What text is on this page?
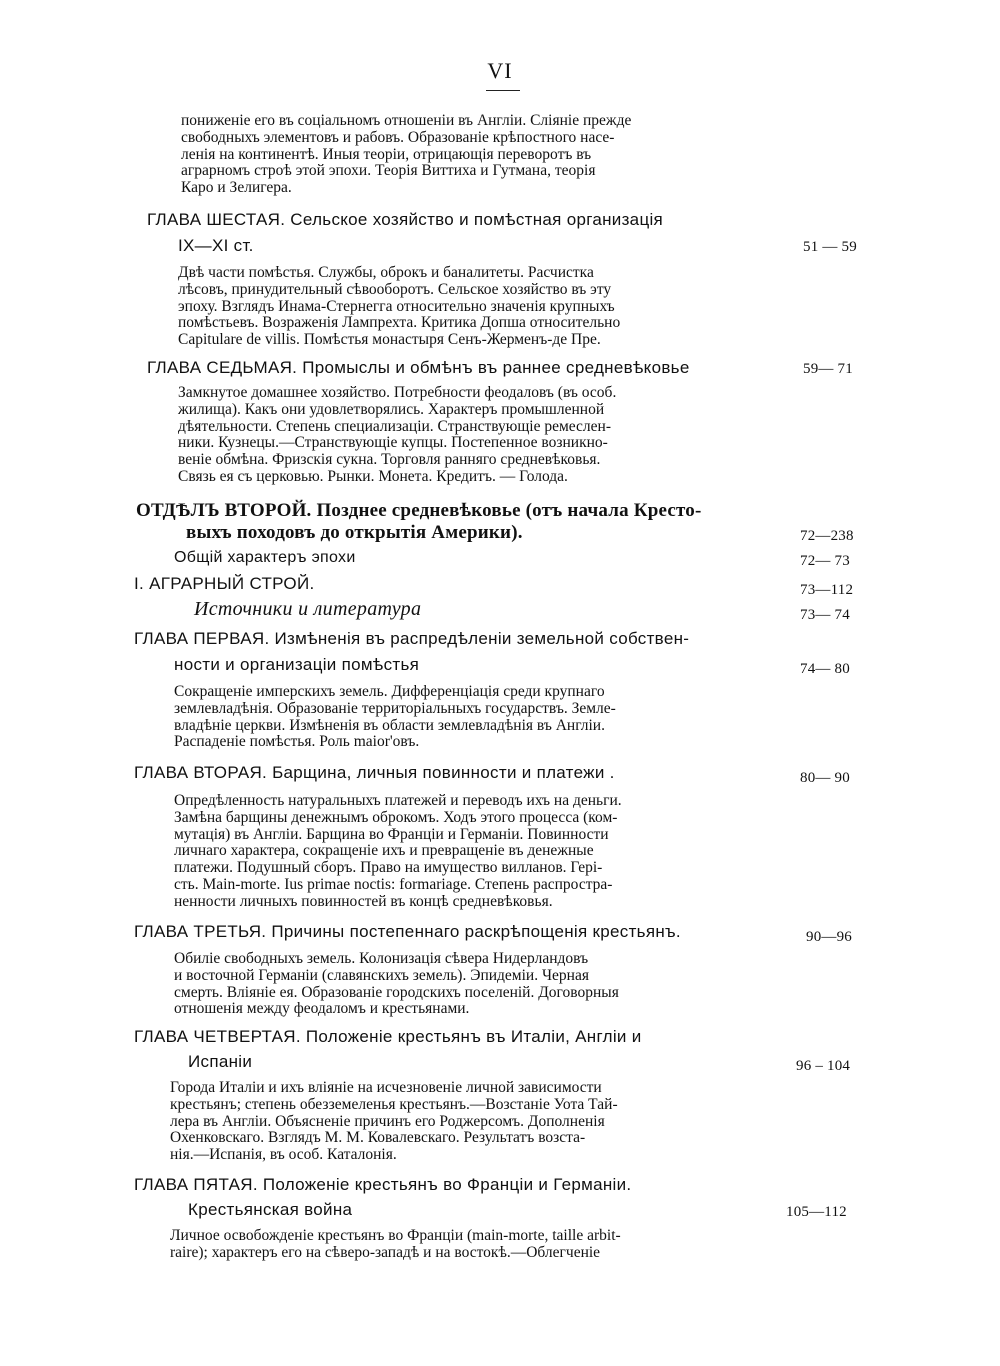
VI
пониженіе его въ соціальномъ отношеніи въ Англіи. Сліяніе прежде
свободныхъ элементовъ и рабовъ. Образованіе крѣпостного насе-
ленія на континентѣ. Иныя теоріи, отрицающія переворотъ въ
аграрномъ строѣ этой эпохи. Теорія Виттиха и Гутмана, теорія
Каро и Зелигера.
ГЛАВА ШЕСТАЯ. Сельское хозяйство и помѣстная организація
IX—XI ст.	51 — 59
Двѣ части помѣстья. Службы, оброкъ и баналитеты. Расчистка
лѣсовъ, принудительный сѣвооборотъ. Сельское хозяйство въ эту
эпоху. Взглядъ Инама-Стернегга относительно значенія крупныхъ
помѣстьевъ. Возраженія Лампрехта. Критика Допша относительно
Capitulare de villis. Помѣстья монастыря Сенъ-Жерменъ-де Пре.
ГЛАВА СЕДЬМАЯ. Промыслы и обмѣнъ въ раннее средневѣковье	59— 71
Замкнутое домашнее хозяйство. Потребности феодаловъ (въ особ.
жилища). Какъ они удовлетворялись. Характеръ промышленной
дѣятельности. Степень специализаціи. Странствующіе ремеслен-
ники. Кузнецы.—Странствующіе купцы. Постепенное возникно-
веніе обмѣна. Фризскія сукна. Торговля ранняго средневѣковья.
Связь ея съ церковью. Рынки. Монета. Кредитъ. — Голода.
ОТДѢЛЪ ВТОРОЙ. Позднее средневѣковье (отъ начала Кресто-
выхъ походовъ до открытія Америки).	72—238
Общій характеръ эпохи	72— 73
I. АГРАРНЫЙ СТРОЙ.	73—112
Источники и литература	73— 74
ГЛАВА ПЕРВАЯ. Измѣненія въ распредѣленіи земельной собствен-
ности и организаціи помѣстья	74— 80
Сокращеніе имперскихъ земель. Дифференціація среди крупнаго
землевладѣнія. Образованіе территоріальныхъ государствъ. Земле-
владѣніе церкви. Измѣненія въ области землевладѣнія въ Англіи.
Распаденіе помѣстья. Роль maior'овъ.
ГЛАВА ВТОРАЯ. Барщина, личныя повинности и платежи .	80— 90
Опредѣленность натуральныхъ платежей и переводъ ихъ на деньги.
Замѣна барщины денежнымъ оброкомъ. Ходъ этого процесса (ком-
мутація) въ Англіи. Барщина во Франціи и Германіи. Повинности
личнаго характера, сокращеніе ихъ и превращеніе въ денежные
платежи. Подушный сборъ. Право на имущество вилланов. Гері-
сть. Main-morte. Ius primae noctis: formariage. Степень распростра-
ненности личныхъ повинностей въ концѣ средневѣковья.
ГЛАВА ТРЕТЬЯ. Причины постепеннаго раскрѣпощенія крестьянъ.	90—96
Обиліе свободныхъ земель. Колонизація сѣвера Нидерландовъ
и восточной Германіи (славянскихъ земель). Эпидеміи. Черная
смерть. Вліяніе ея. Образованіе городскихъ поселеній. Договорныя
отношенія между феодаломъ и крестьянами.
ГЛАВА ЧЕТВЕРТАЯ. Положеніе крестьянъ въ Италіи, Англіи и
Испаніи	96 – 104
Города Италіи и ихъ вліяніе на исчезновеніе личной зависимости
крестьянъ; степень обезземеленья крестьянъ.—Возстаніе Уота Тай-
лера въ Англіи. Объясненіе причинъ его Роджерсомъ. Дополненія
Охенковскаго. Взглядъ М. М. Ковалевскаго. Результатъ возста-
нія.—Испанія, въ особ. Каталонія.
ГЛАВА ПЯТАЯ. Положеніе крестьянъ во Франціи и Германіи.
Крестьянская война	105—112
Личное освобожденіе крестьянъ во Франціи (main-morte, taille arbit-
raire); характеръ его на сѣверо-западѣ и на востокѣ.—Облегченіе
